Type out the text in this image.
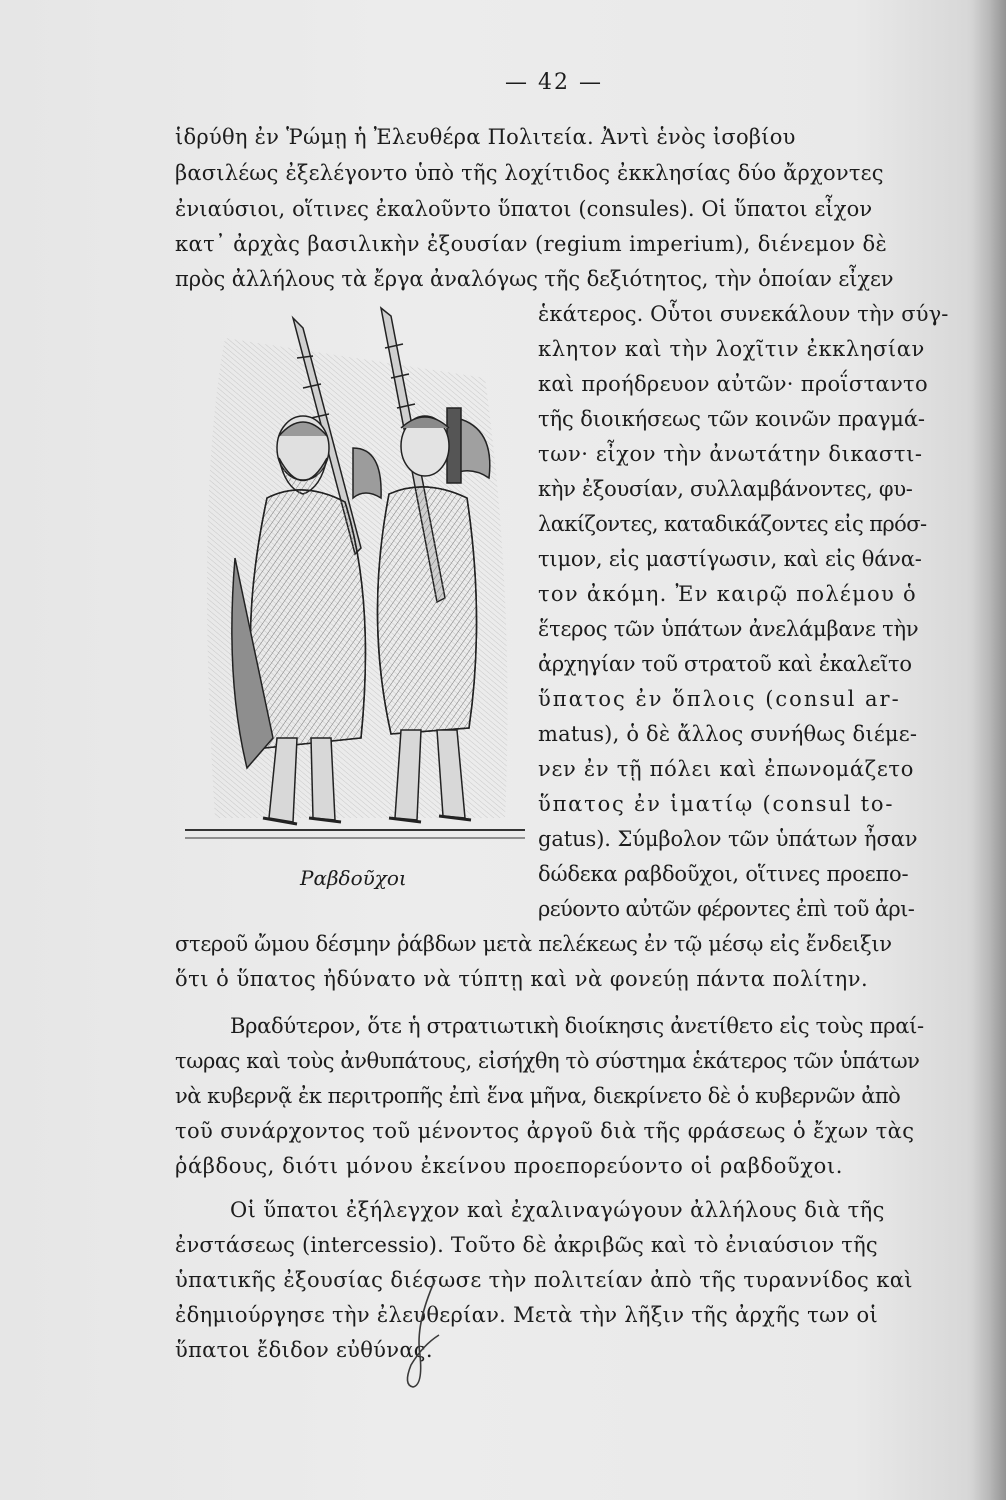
— 42 —
ἱδρύθη ἐν Ῥώμῃ ἡ Ἐλευθέρα Πολιτεία. Ἀντὶ ἑνὸς ἰσοβίου
βασιλέως ἐξελέγοντο ὑπὸ τῆς λοχίτιδος ἐκκλησίας δύο ἄρχοντες
ἐνιαύσιοι, οἵτινες ἐκαλοῦντο ὕπατοι (consules). Οἱ ὕπατοι εἶχον
κατ᾽ ἀρχὰς βασιλικὴν ἐξουσίαν (regium imperium), διένεμον δὲ
πρὸς ἀλλήλους τὰ ἔργα ἀναλόγως τῆς δεξιότητος, τὴν ὁποίαν εἶχεν
ἑκάτερος. Οὗτοι συνεκάλουν τὴν σύγ-
κλητον καὶ τὴν λοχῖτιν ἐκκλησίαν
καὶ προήδρευον αὐτῶν· προΐσταντο
τῆς διοικήσεως τῶν κοινῶν πραγμά-
των· εἶχον τὴν ἀνωτάτην δικαστι-
κὴν ἐξουσίαν, συλλαμβάνοντες, φυ-
λακίζοντες, καταδικάζοντες εἰς πρόσ-
τιμον, εἰς μαστίγωσιν, καὶ εἰς θάνα-
τον ἀκόμη. Ἐν καιρῷ πολέμου ὁ
ἕτερος τῶν ὑπάτων ἀνελάμβανε τὴν
ἀρχηγίαν τοῦ στρατοῦ καὶ ἐκαλεῖτο
ὕπατος ἐν ὅπλοις (consul ar-
matus), ὁ δὲ ἄλλος συνήθως διέμε-
νεν ἐν τῇ πόλει καὶ ἐπωνομάζετο
ὕπατος ἐν ἱματίῳ (consul to-
gatus). Σύμβολον τῶν ὑπάτων ἦσαν
δώδεκα ραβδοῦχοι, οἵτινες προεπο-
ρεύοντο αὐτῶν φέροντες ἐπὶ τοῦ ἀρι-
στεροῦ ὤμου δέσμην ῥάβδων μετὰ πελέκεως ἐν τῷ μέσῳ εἰς ἔνδειξιν
ὅτι ὁ ὕπατος ἠδύνατο νὰ τύπτῃ καὶ νὰ φονεύῃ πάντα πολίτην.
Βραδύτερον, ὅτε ἡ στρατιωτικὴ διοίκησις ἀνετίθετο εἰς τοὺς πραί-
τωρας καὶ τοὺς ἀνθυπάτους, εἰσήχθη τὸ σύστημα ἑκάτερος τῶν ὑπάτων
νὰ κυβερνᾷ ἐκ περιτροπῆς ἐπὶ ἕνα μῆνα, διεκρίνετο δὲ ὁ κυβερνῶν ἀπὸ
τοῦ συνάρχοντος τοῦ μένοντος ἀργοῦ διὰ τῆς φράσεως ὁ ἔχων τὰς
ῥάβδους, διότι μόνου ἐκείνου προεπορεύοντο οἱ ραβδοῦχοι.
Οἱ ὕπατοι ἐξήλεγχον καὶ ἐχαλιναγώγουν ἀλλήλους διὰ τῆς
ἐνστάσεως (intercessio). Τοῦτο δὲ ἀκριβῶς καὶ τὸ ἐνιαύσιον τῆς
ὑπατικῆς ἐξουσίας διέσωσε τὴν πολιτείαν ἀπὸ τῆς τυραννίδος καὶ
ἐδημιούργησε τὴν ἐλευθερίαν. Μετὰ τὴν λῆξιν τῆς ἀρχῆς των οἱ
ὕπατοι ἔδιδον εὐθύνας.
Ραβδοῦχοι
